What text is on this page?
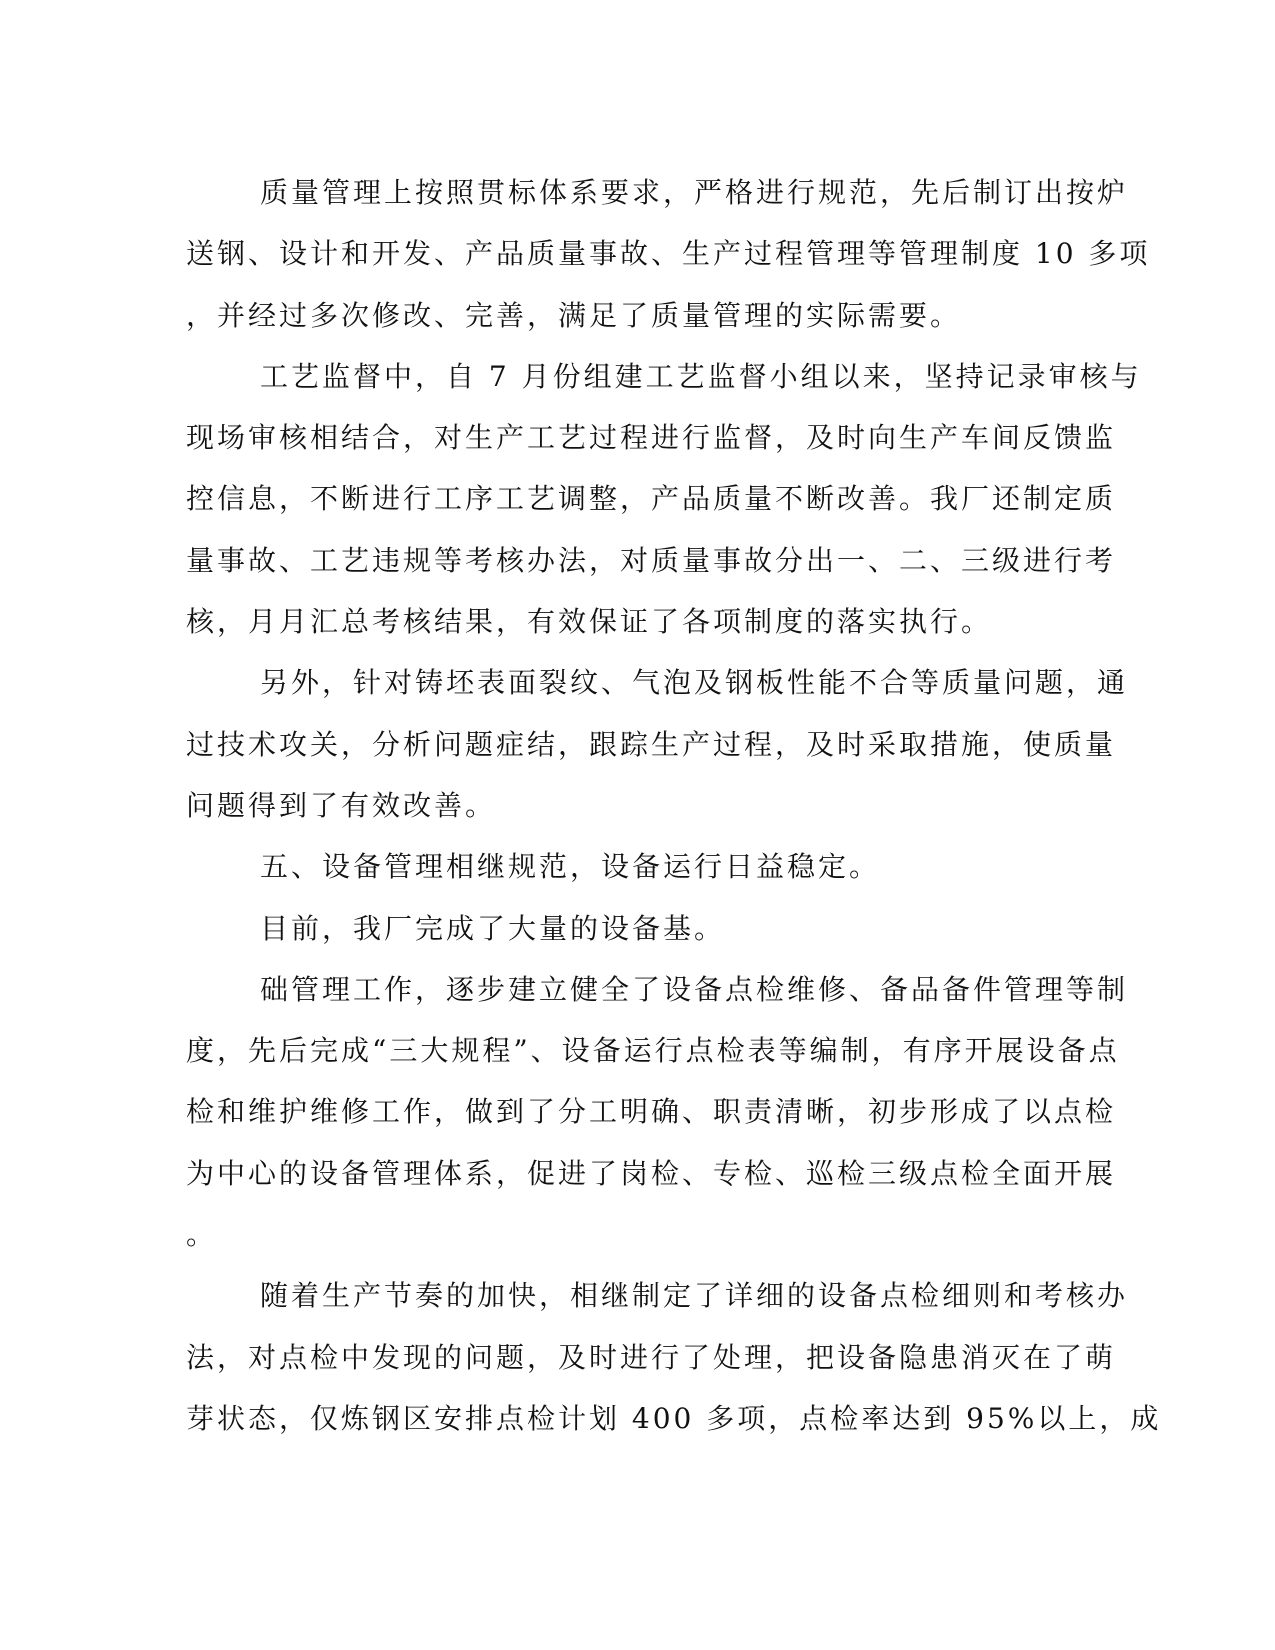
质量管理上按照贯标体系要求，严格进行规范，先后制订出按炉
送钢、设计和开发、产品质量事故、生产过程管理等管理制度 10 多项
，并经过多次修改、完善，满足了质量管理的实际需要。
工艺监督中，自 7 月份组建工艺监督小组以来，坚持记录审核与
现场审核相结合，对生产工艺过程进行监督，及时向生产车间反馈监
控信息，不断进行工序工艺调整，产品质量不断改善。我厂还制定质
量事故、工艺违规等考核办法，对质量事故分出一、二、三级进行考
核，月月汇总考核结果，有效保证了各项制度的落实执行。
另外，针对铸坯表面裂纹、气泡及钢板性能不合等质量问题，通
过技术攻关，分析问题症结，跟踪生产过程，及时采取措施，使质量
问题得到了有效改善。
五、设备管理相继规范，设备运行日益稳定。
目前，我厂完成了大量的设备基。
础管理工作，逐步建立健全了设备点检维修、备品备件管理等制
度，先后完成“三大规程”、设备运行点检表等编制，有序开展设备点
检和维护维修工作，做到了分工明确、职责清晰，初步形成了以点检
为中心的设备管理体系，促进了岗检、专检、巡检三级点检全面开展
。
随着生产节奏的加快，相继制定了详细的设备点检细则和考核办
法，对点检中发现的问题，及时进行了处理，把设备隐患消灭在了萌
芽状态，仅炼钢区安排点检计划 400 多项，点检率达到 95%以上，成
